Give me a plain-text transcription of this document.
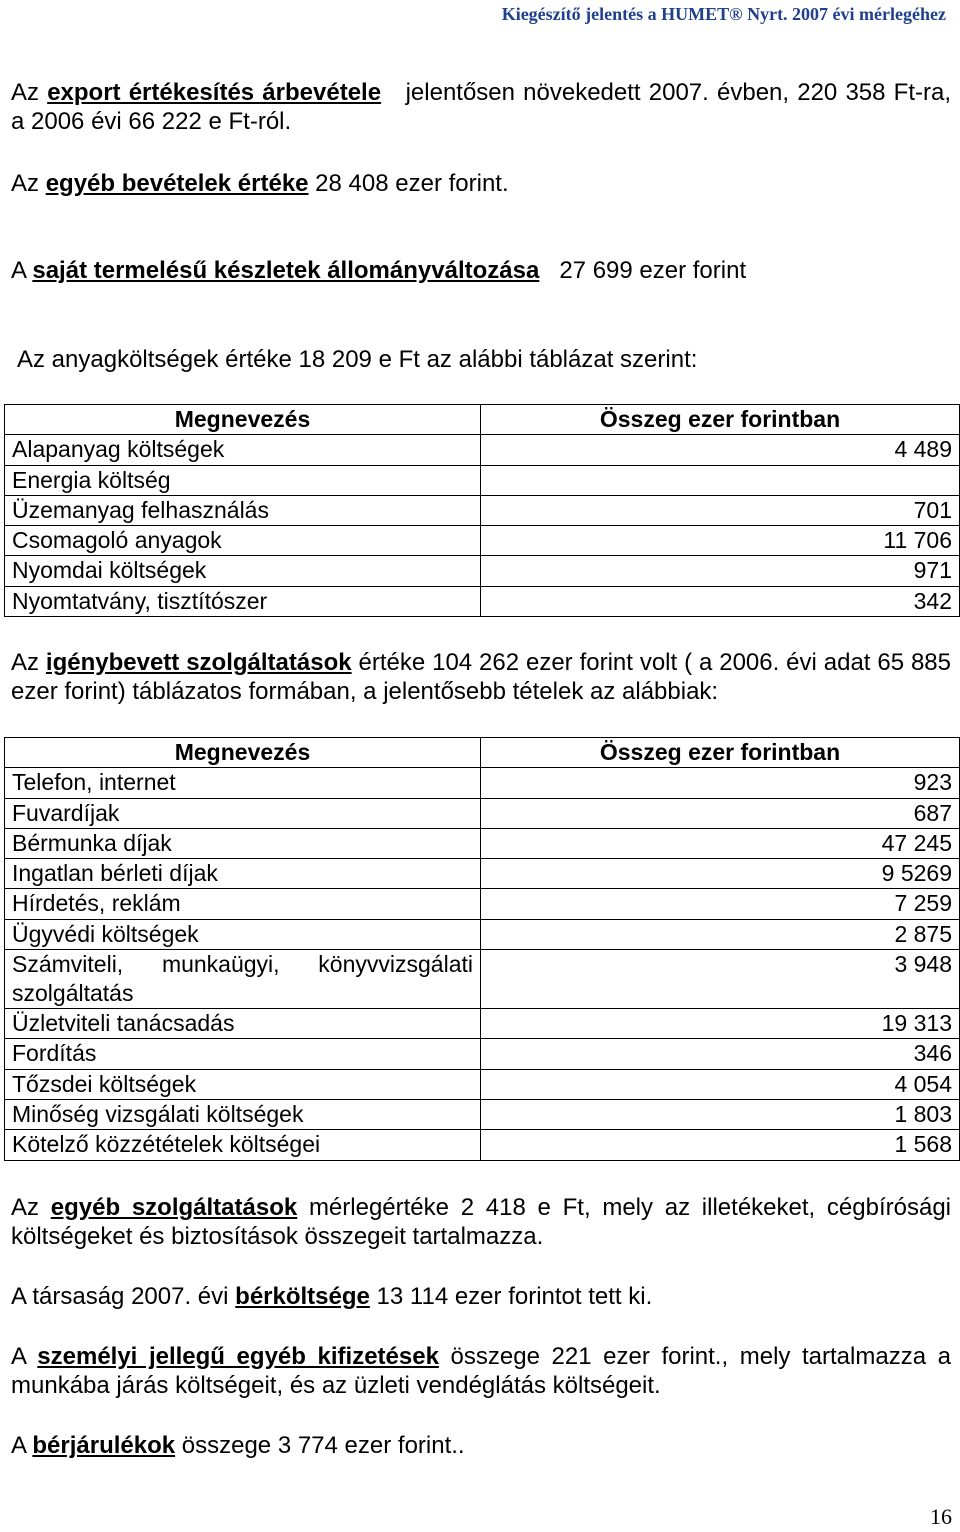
Kiegészítő jelentés a HUMET® Nyrt. 2007 évi mérlegéhez

Az export értékesítés árbevétele jelentősen növekedett 2007. évben, 220 358 Ft-ra, a 2006 évi 66 222 e Ft-ról.

Az egyéb bevételek értéke 28 408 ezer forint.

A saját termelésű készletek állományváltozása 27 699 ezer forint

Az anyagköltségek értéke 18 209 e Ft az alábbi táblázat szerint:

Megnevezés	Összeg ezer forintban
Alapanyag költségek	4 489
Energia költség	
Üzemanyag felhasználás	701
Csomagoló anyagok	11 706
Nyomdai költségek	971
Nyomtatvány, tisztítószer	342

Az igénybevett szolgáltatások értéke 104 262 ezer forint volt ( a 2006. évi adat 65 885 ezer forint) táblázatos formában, a jelentősebb tételek az alábbiak:

Megnevezés	Összeg ezer forintban
Telefon, internet	923
Fuvardíjak	687
Bérmunka díjak	47 245
Ingatlan bérleti díjak	9 5269
Hírdetés, reklám	7 259
Ügyvédi költségek	2 875
Számviteli, munkaügyi, könyvvizsgálati szolgáltatás	3 948
Üzletviteli tanácsadás	19 313
Fordítás	346
Tőzsdei költségek	4 054
Minőség vizsgálati költségek	1 803
Kötelző közzétételek költségei	1 568

Az egyéb szolgáltatások mérlegértéke 2 418 e Ft, mely az illetékeket, cégbírósági költségeket és biztosítások összegeit tartalmazza.

A társaság 2007. évi bérköltsége 13 114 ezer forintot tett ki.

A személyi jellegű egyéb kifizetések összege 221 ezer forint., mely tartalmazza a munkába járás költségeit, és az üzleti vendéglátás költségeit.

A bérjárulékok összege 3 774 ezer forint..

16
